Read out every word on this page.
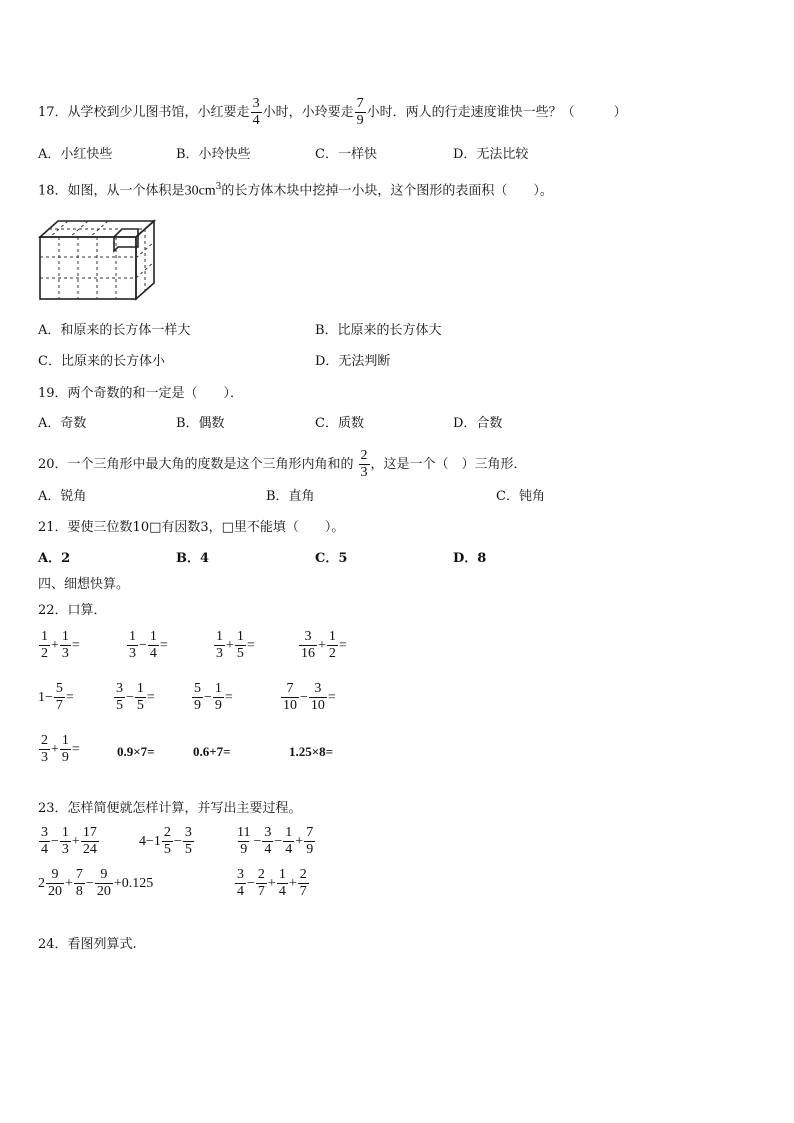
17． 从学校到少儿图书馆，小红要走 $\frac{3}{4}$ 小时，小玲要走 $\frac{7}{9}$ 小时．两人的行走速度谁快一些？（　　　）
A．小红快些	B．小玲快些	C．一样快	D．无法比较
18．如图，从一个体积是$30cm^3$的长方体木块中挖掉一小块，这个图形的表面积（　　）。
A．和原来的长方体一样大	B．比原来的长方体大
C．比原来的长方体小	D．无法判断
19．两个奇数的和一定是（　　）．
A．奇数	B．偶数	C．质数	D．合数
20．一个三角形中最大角的度数是这个三角形内角和的 $\frac{2}{3}$ ，这是一个（　）三角形．
A．锐角	B．直角	C．钝角
21．要使三位数10□有因数3，□里不能填（　　）。
A．2	B．4	C．5	D．8
四、细想快算。
22．口算．
$\frac{1}{2} + \frac{1}{3}$ =	$\frac{1}{3} - \frac{1}{4}$ =	$\frac{1}{3} + \frac{1}{5}$ =	$\frac{3}{16} + \frac{1}{2}$ =
$1- \frac{5}{7}$ =	$\frac{3}{5} - \frac{1}{5}$ =	$\frac{5}{9} - \frac{1}{9}$ =	$\frac{7}{10} - \frac{3}{10}$ =
$\frac{2}{3} + \frac{1}{9}$ =	0.9×7=	0.6+7=	1.25×8=
23．怎样简便就怎样计算，并写出主要过程。
$\frac{3}{4} - \frac{1}{3} + \frac{17}{24}$	$4-1 \frac{2}{5} - \frac{3}{5}$	$\frac{11}{9} - \frac{3}{4} - \frac{1}{4} + \frac{7}{9}$
$2 \frac{9}{20} + \frac{7}{8} - \frac{9}{20} +0.125$	$\frac{3}{4} - \frac{2}{7} + \frac{1}{4} + \frac{2}{7}$
24．看图列算式.
